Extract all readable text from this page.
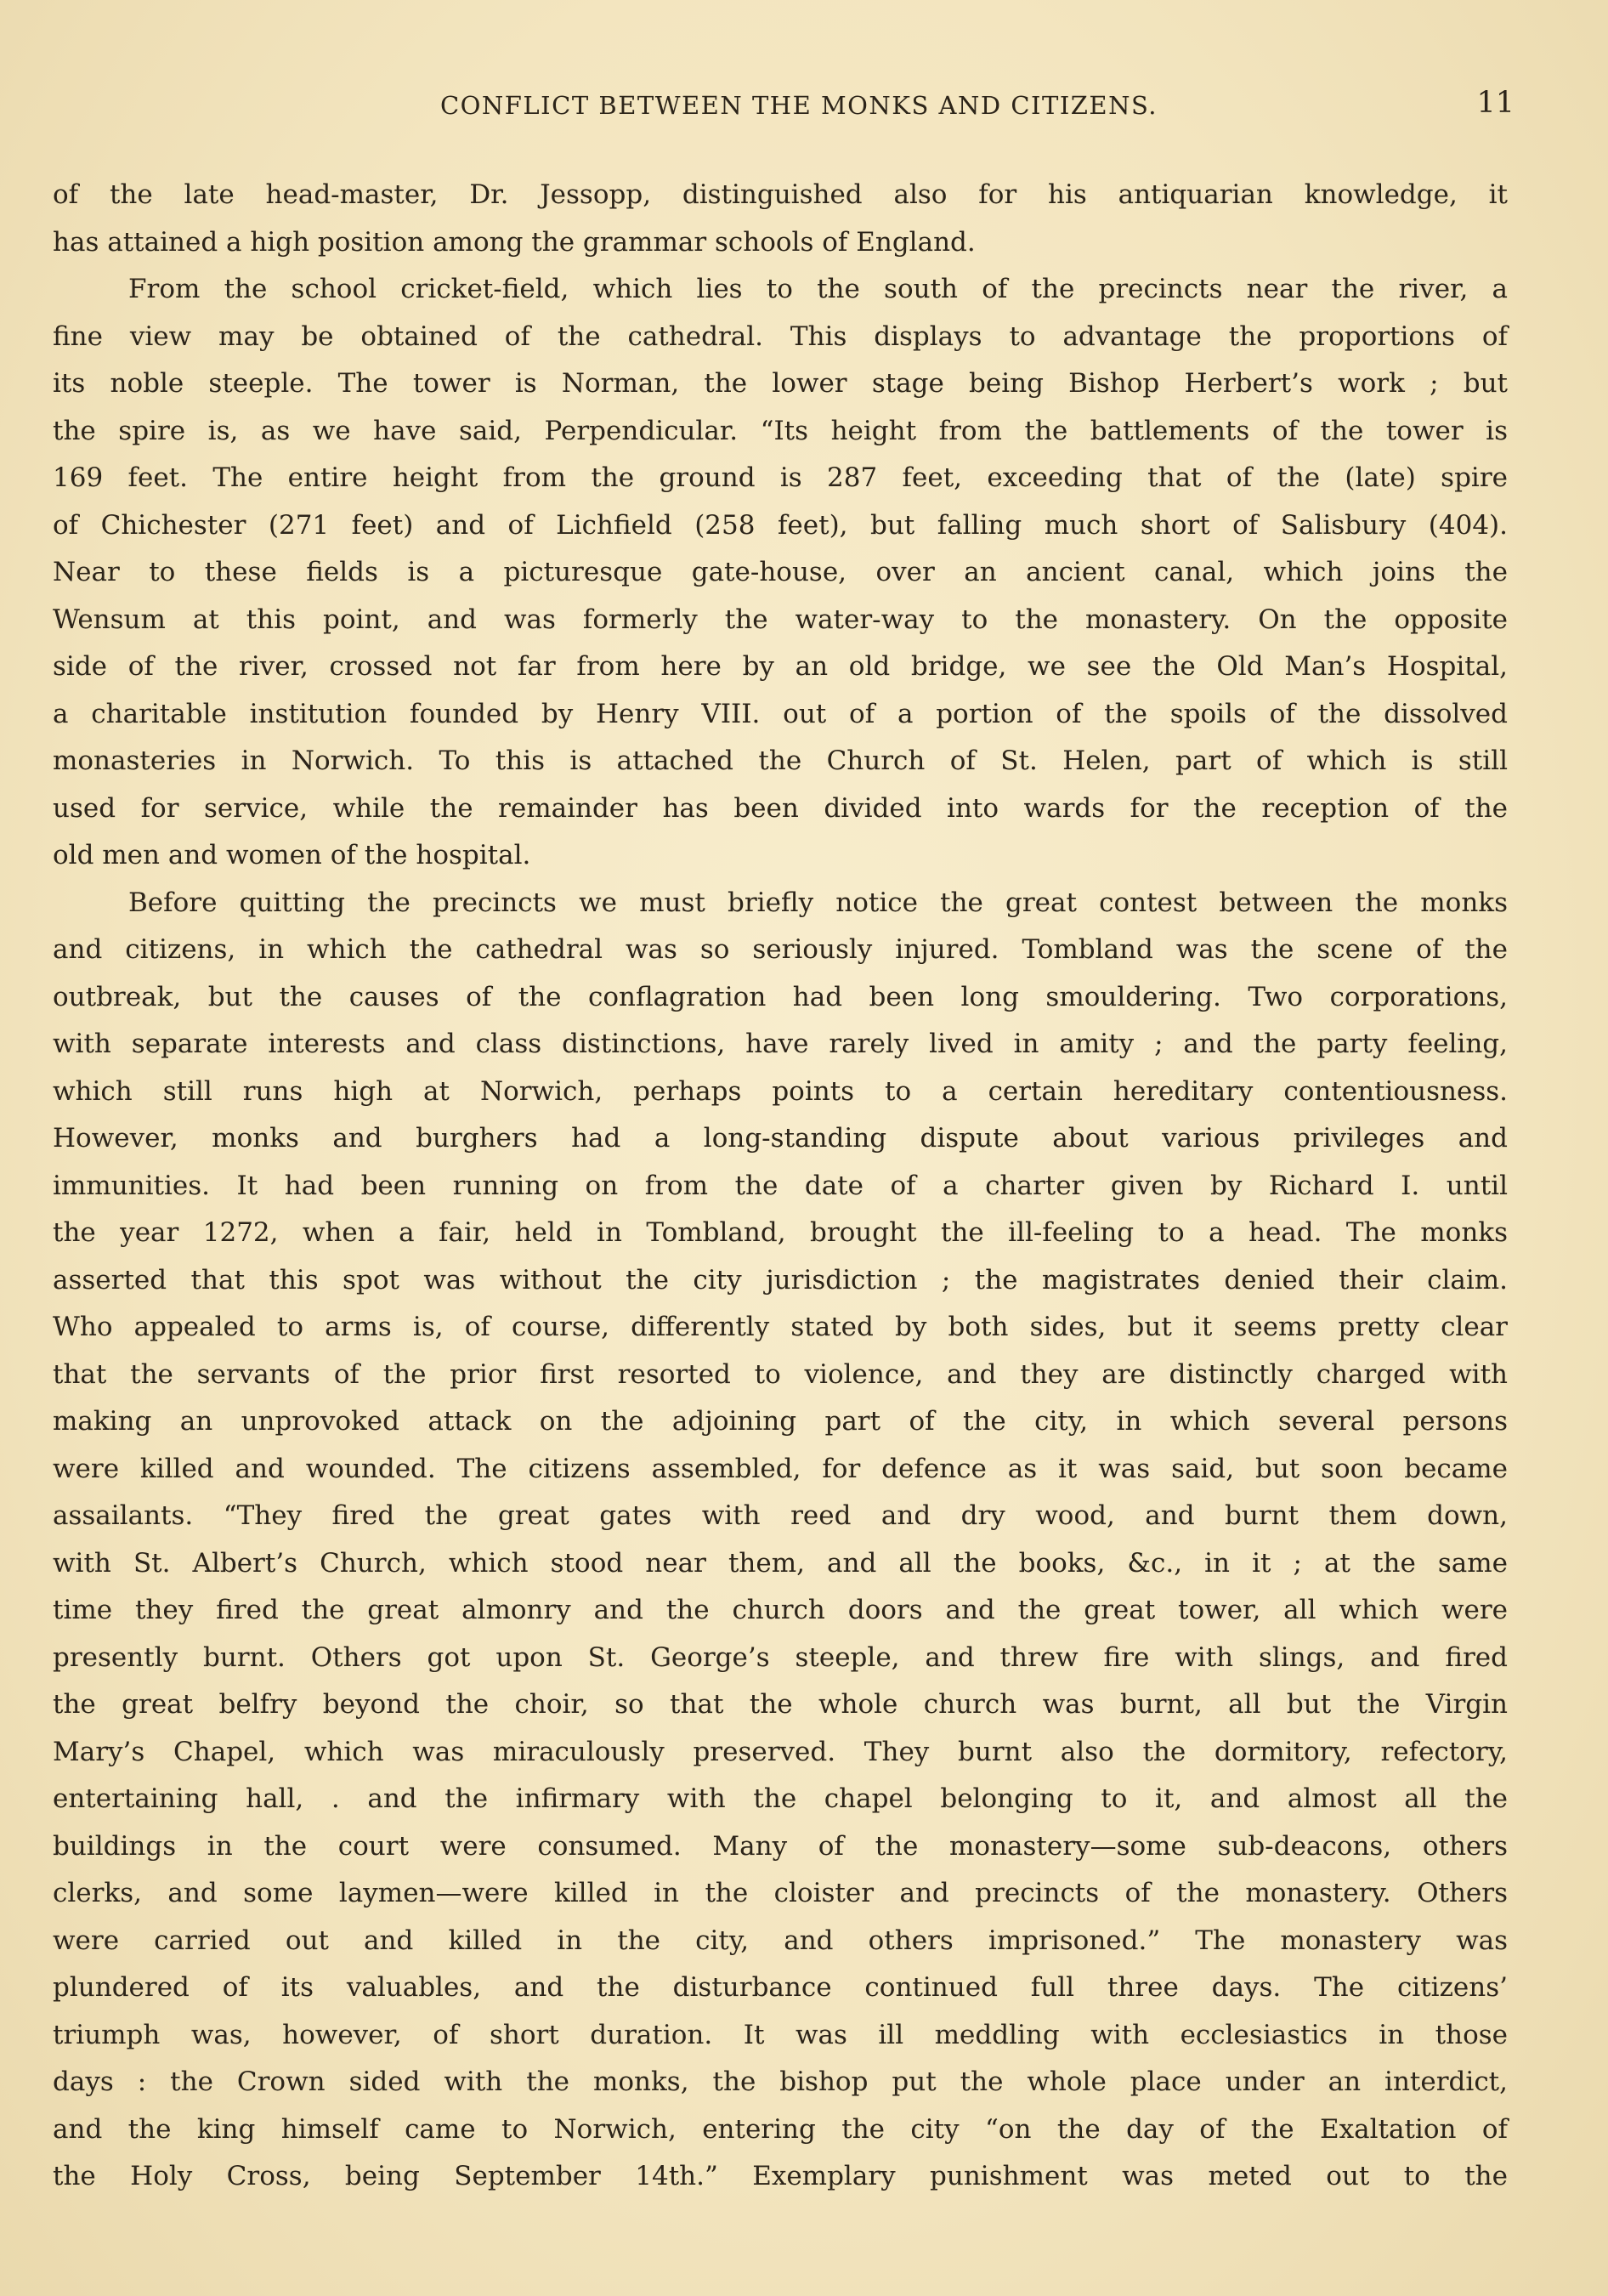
CONFLICT BETWEEN THE MONKS AND CITIZENS.	11
of the late head-master, Dr. Jessopp, distinguished also for his antiquarian knowledge, it
has attained a high position among the grammar schools of England.
From the school cricket-field, which lies to the south of the precincts near the river, a
fine view may be obtained of the cathedral. This displays to advantage the proportions of
its noble steeple. The tower is Norman, the lower stage being Bishop Herbert’s work ; but
the spire is, as we have said, Perpendicular. “Its height from the battlements of the tower is
169 feet. The entire height from the ground is 287 feet, exceeding that of the (late) spire
of Chichester (271 feet) and of Lichfield (258 feet), but falling much short of Salisbury (404).
Near to these fields is a picturesque gate-house, over an ancient canal, which joins the
Wensum at this point, and was formerly the water-way to the monastery. On the opposite
side of the river, crossed not far from here by an old bridge, we see the Old Man’s Hospital,
a charitable institution founded by Henry VIII. out of a portion of the spoils of the dissolved
monasteries in Norwich. To this is attached the Church of St. Helen, part of which is still
used for service, while the remainder has been divided into wards for the reception of the
old men and women of the hospital.
Before quitting the precincts we must briefly notice the great contest between the monks
and citizens, in which the cathedral was so seriously injured. Tombland was the scene of the
outbreak, but the causes of the conflagration had been long smouldering. Two corporations,
with separate interests and class distinctions, have rarely lived in amity ; and the party feeling,
which still runs high at Norwich, perhaps points to a certain hereditary contentiousness.
However, monks and burghers had a long-standing dispute about various privileges and
immunities. It had been running on from the date of a charter given by Richard I. until
the year 1272, when a fair, held in Tombland, brought the ill-feeling to a head. The monks
asserted that this spot was without the city jurisdiction ; the magistrates denied their claim.
Who appealed to arms is, of course, differently stated by both sides, but it seems pretty clear
that the servants of the prior first resorted to violence, and they are distinctly charged with
making an unprovoked attack on the adjoining part of the city, in which several persons
were killed and wounded. The citizens assembled, for defence as it was said, but soon became
assailants. “They fired the great gates with reed and dry wood, and burnt them down,
with St. Albert’s Church, which stood near them, and all the books, &c., in it ; at the same
time they fired the great almonry and the church doors and the great tower, all which were
presently burnt. Others got upon St. George’s steeple, and threw fire with slings, and fired
the great belfry beyond the choir, so that the whole church was burnt, all but the Virgin
Mary’s Chapel, which was miraculously preserved. They burnt also the dormitory, refectory,
entertaining hall, . and the infirmary with the chapel belonging to it, and almost all the
buildings in the court were consumed. Many of the monastery—some sub-deacons, others
clerks, and some laymen—were killed in the cloister and precincts of the monastery. Others
were carried out and killed in the city, and others imprisoned.” The monastery was
plundered of its valuables, and the disturbance continued full three days. The citizens’
triumph was, however, of short duration. It was ill meddling with ecclesiastics in those
days : the Crown sided with the monks, the bishop put the whole place under an interdict,
and the king himself came to Norwich, entering the city “on the day of the Exaltation of
the Holy Cross, being September 14th.” Exemplary punishment was meted out to the
